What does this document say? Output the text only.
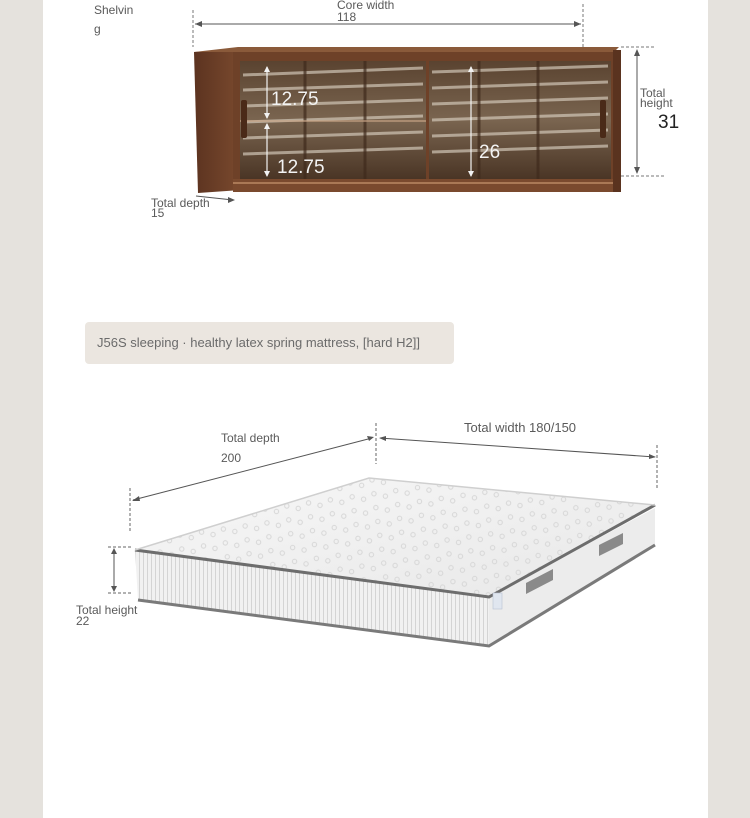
Shelvin
g
Core width
118
12.75
12.75
26
Total
height
31
Total depth
15
J56S sleeping · healthy latex spring mattress, [hard H2]]
Total depth
200
Total width 180/150
Total height
22
